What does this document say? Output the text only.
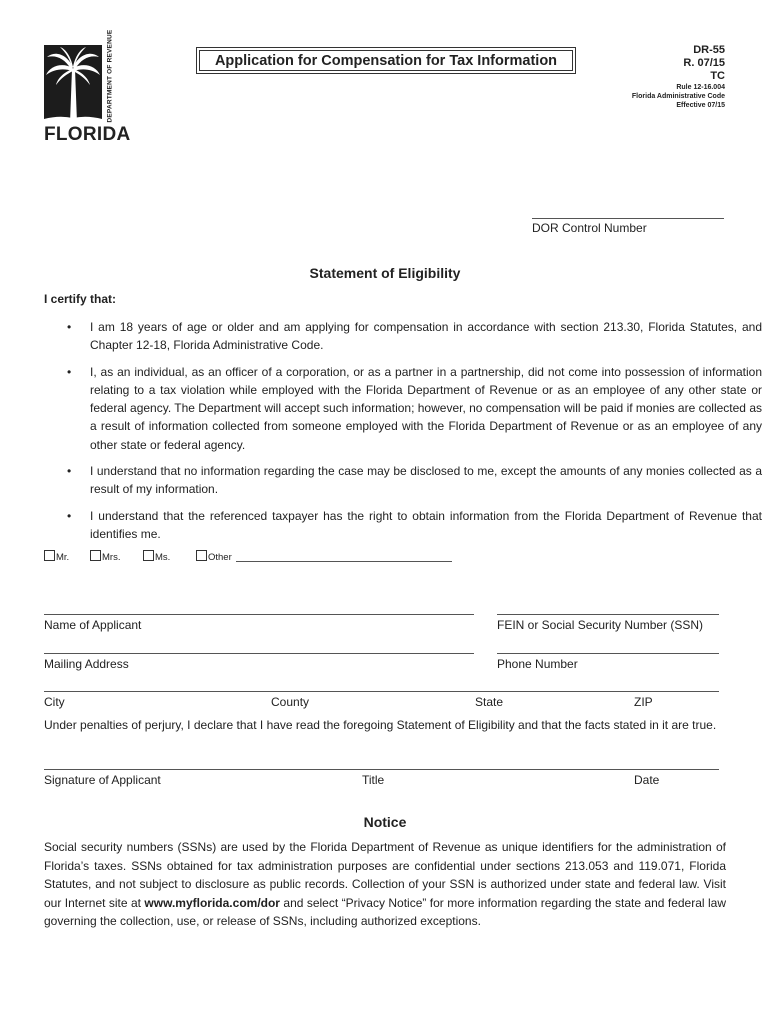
DEPARTMENT OF REVENUE
FLORIDA
Application for Compensation for Tax Information
DR-55
R. 07/15
TC
Rule 12-16.004
Florida Administrative Code
Effective 07/15
DOR Control Number
Statement of Eligibility
I certify that:
• I am 18 years of age or older and am applying for compensation in accordance with section 213.30, Florida Statutes, and Chapter 12-18, Florida Administrative Code.
• I, as an individual, as an officer of a corporation, or as a partner in a partnership, did not come into possession of information relating to a tax violation while employed with the Florida Department of Revenue or as an employee of any other state or federal agency. The Department will accept such information; however, no compensation will be paid if monies are collected as a result of information collected from someone employed with the Florida Department of Revenue or as an employee of any other state or federal agency.
• I understand that no information regarding the case may be disclosed to me, except the amounts of any monies collected as a result of my information.
• I understand that the referenced taxpayer has the right to obtain information from the Florida Department of Revenue that identifies me.
Mr.	Mrs.	Ms.	Other
Name of Applicant	FEIN or Social Security Number (SSN)
Mailing Address	Phone Number
City	County	State	ZIP
Under penalties of perjury, I declare that I have read the foregoing Statement of Eligibility and that the facts stated in it are true.
Signature of Applicant	Title	Date
Notice
Social security numbers (SSNs) are used by the Florida Department of Revenue as unique identifiers for the administration of Florida’s taxes. SSNs obtained for tax administration purposes are confidential under sections 213.053 and 119.071, Florida Statutes, and not subject to disclosure as public records. Collection of your SSN is authorized under state and federal law. Visit our Internet site at www.myflorida.com/dor and select “Privacy Notice” for more information regarding the state and federal law governing the collection, use, or release of SSNs, including authorized exceptions.
